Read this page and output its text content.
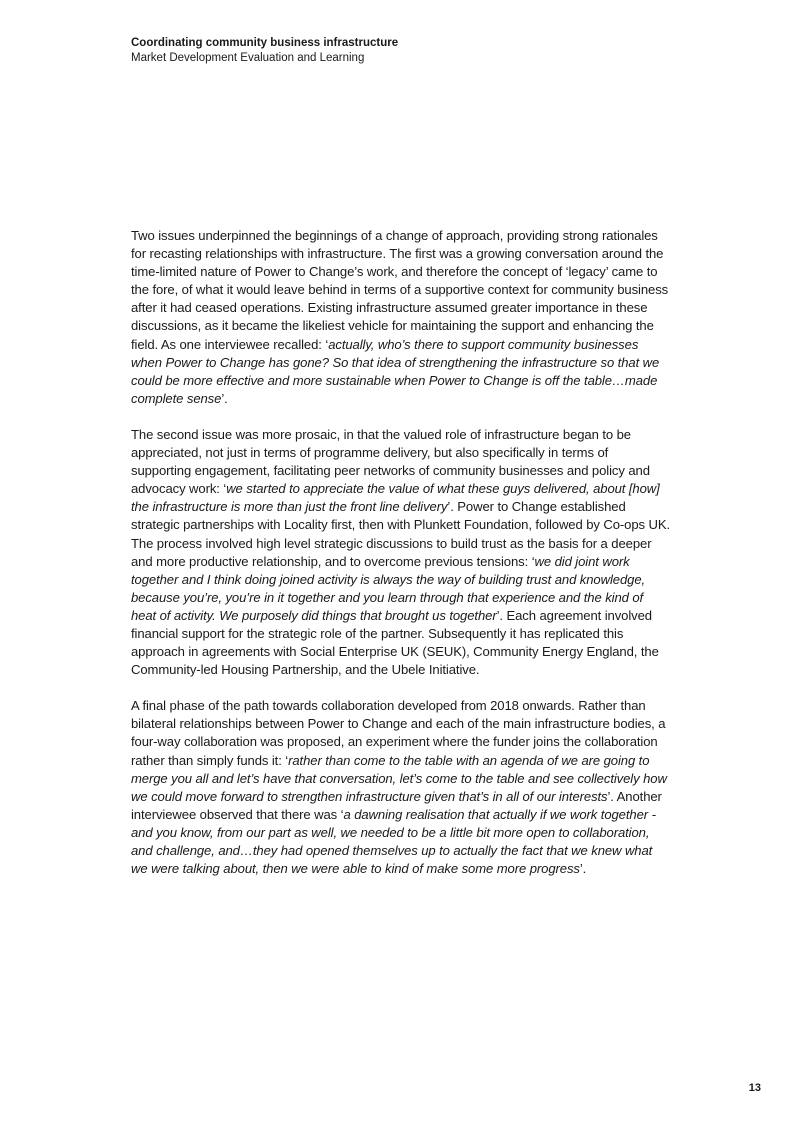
Coordinating community business infrastructure
Market Development Evaluation and Learning

Two issues underpinned the beginnings of a change of approach, providing strong rationales for recasting relationships with infrastructure. The first was a growing conversation around the time-limited nature of Power to Change’s work, and therefore the concept of ‘legacy’ came to the fore, of what it would leave behind in terms of a supportive context for community business after it had ceased operations. Existing infrastructure assumed greater importance in these discussions, as it became the likeliest vehicle for maintaining the support and enhancing the field. As one interviewee recalled: ‘actually, who’s there to support community businesses when Power to Change has gone? So that idea of strengthening the infrastructure so that we could be more effective and more sustainable when Power to Change is off the table…made complete sense’.

The second issue was more prosaic, in that the valued role of infrastructure began to be appreciated, not just in terms of programme delivery, but also specifically in terms of supporting engagement, facilitating peer networks of community businesses and policy and advocacy work: ‘we started to appreciate the value of what these guys delivered, about [how] the infrastructure is more than just the front line delivery’. Power to Change established strategic partnerships with Locality first, then with Plunkett Foundation, followed by Co-ops UK. The process involved high level strategic discussions to build trust as the basis for a deeper and more productive relationship, and to overcome previous tensions: ‘we did joint work together and I think doing joined activity is always the way of building trust and knowledge, because you’re, you’re in it together and you learn through that experience and the kind of heat of activity. We purposely did things that brought us together’. Each agreement involved financial support for the strategic role of the partner. Subsequently it has replicated this approach in agreements with Social Enterprise UK (SEUK), Community Energy England, the Community-led Housing Partnership, and the Ubele Initiative.

A final phase of the path towards collaboration developed from 2018 onwards. Rather than bilateral relationships between Power to Change and each of the main infrastructure bodies, a four-way collaboration was proposed, an experiment where the funder joins the collaboration rather than simply funds it: ‘rather than come to the table with an agenda of we are going to merge you all and let’s have that conversation, let’s come to the table and see collectively how we could move forward to strengthen infrastructure given that’s in all of our interests’. Another interviewee observed that there was ‘a dawning realisation that actually if we work together - and you know, from our part as well, we needed to be a little bit more open to collaboration, and challenge, and…they had opened themselves up to actually the fact that we knew what we were talking about, then we were able to kind of make some more progress’.

13
